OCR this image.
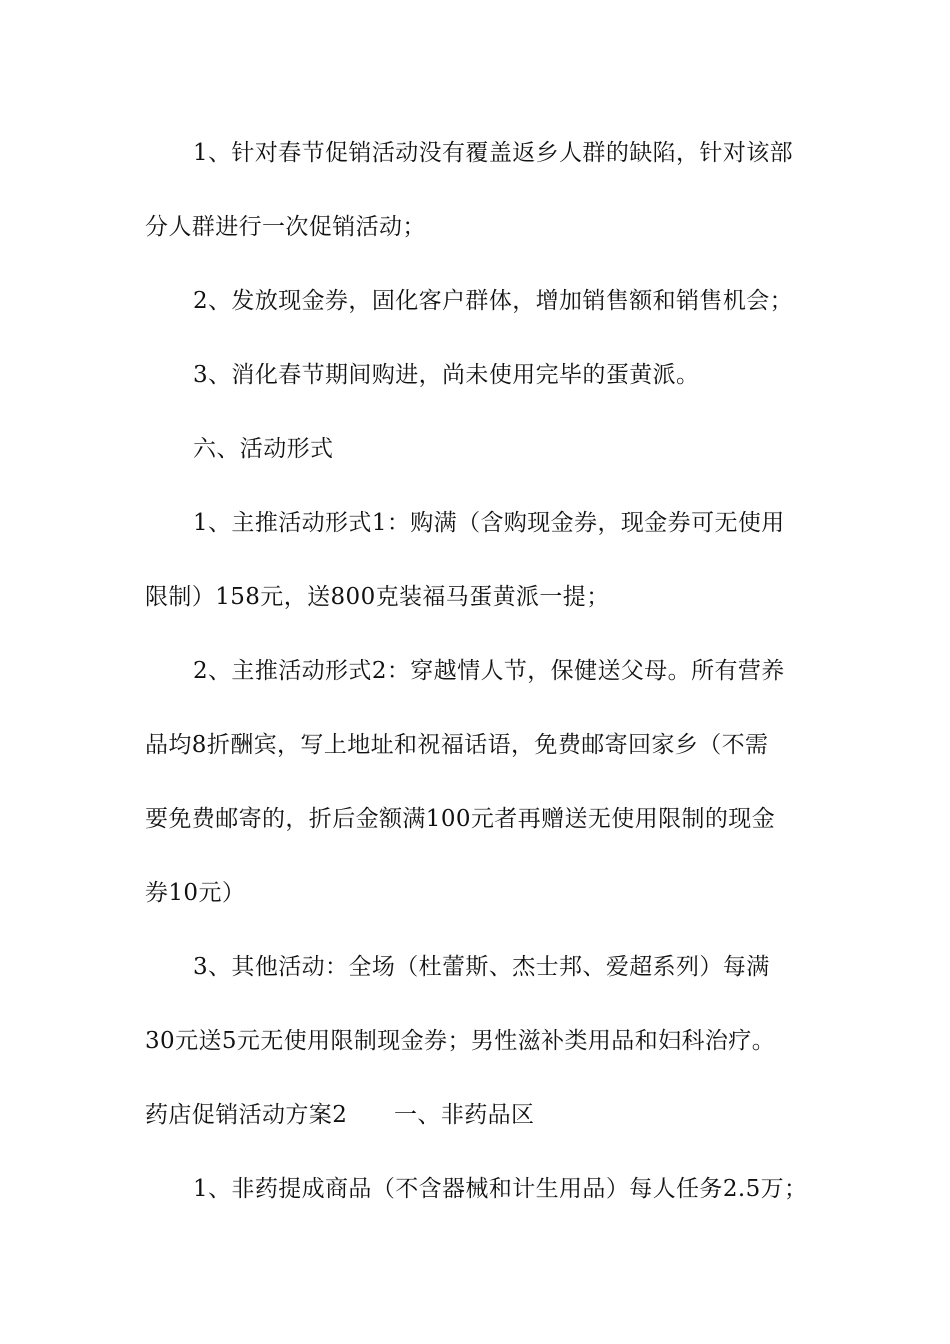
1、针对春节促销活动没有覆盖返乡人群的缺陷，针对该部
分人群进行一次促销活动；
2、发放现金券，固化客户群体，增加销售额和销售机会；
3、消化春节期间购进，尚未使用完毕的蛋黄派。
六、活动形式
1、主推活动形式1：购满（含购现金券，现金券可无使用
限制）158元，送800克装福马蛋黄派一提；
2、主推活动形式2：穿越情人节，保健送父母。所有营养
品均8折酬宾，写上地址和祝福话语，免费邮寄回家乡（不需
要免费邮寄的，折后金额满100元者再赠送无使用限制的现金
券10元）
3、其他活动：全场（杜蕾斯、杰士邦、爱超系列）每满
30元送5元无使用限制现金券；男性滋补类用品和妇科治疗。
药店促销活动方案2　　一、非药品区
1、非药提成商品（不含器械和计生用品）每人任务2.5万；
